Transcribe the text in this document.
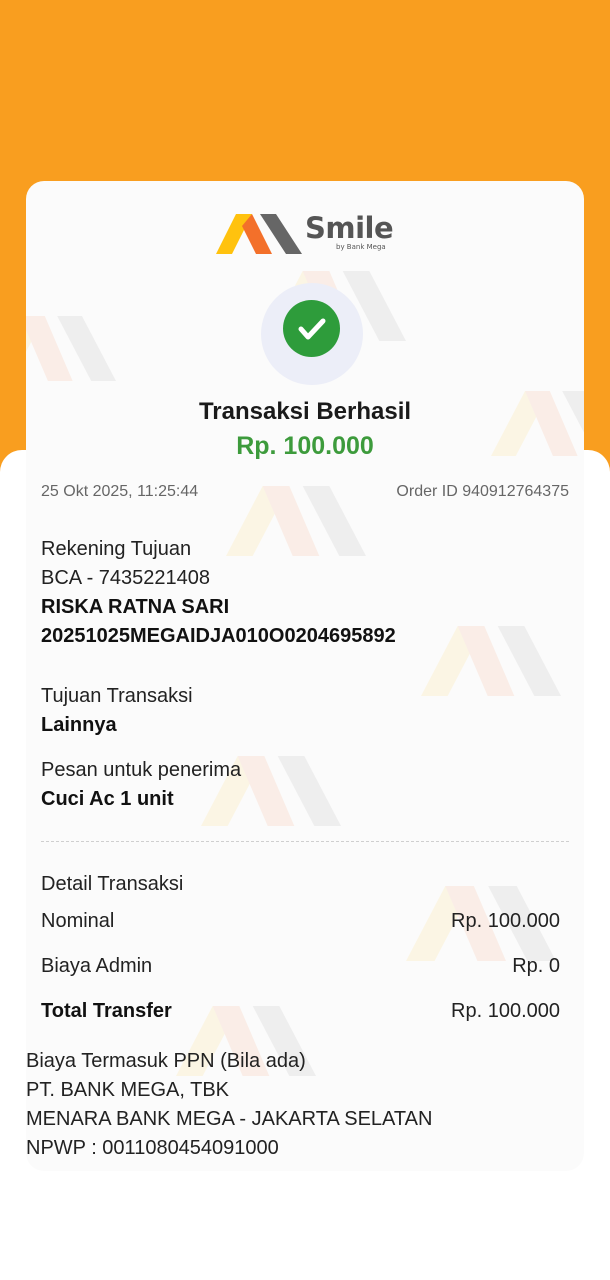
Smile
by Bank Mega
Transaksi Berhasil
Rp. 100.000
25 Okt 2025, 11:25:44	Order ID 940912764375
Rekening Tujuan
BCA - 7435221408
RISKA RATNA SARI
20251025MEGAIDJA010O0204695892
Tujuan Transaksi
Lainnya
Pesan untuk penerima
Cuci Ac 1 unit
Detail Transaksi
Nominal	Rp. 100.000
Biaya Admin	Rp. 0
Total Transfer	Rp. 100.000
Biaya Termasuk PPN (Bila ada)
PT. BANK MEGA, TBK
MENARA BANK MEGA - JAKARTA SELATAN
NPWP : 0011080454091000
